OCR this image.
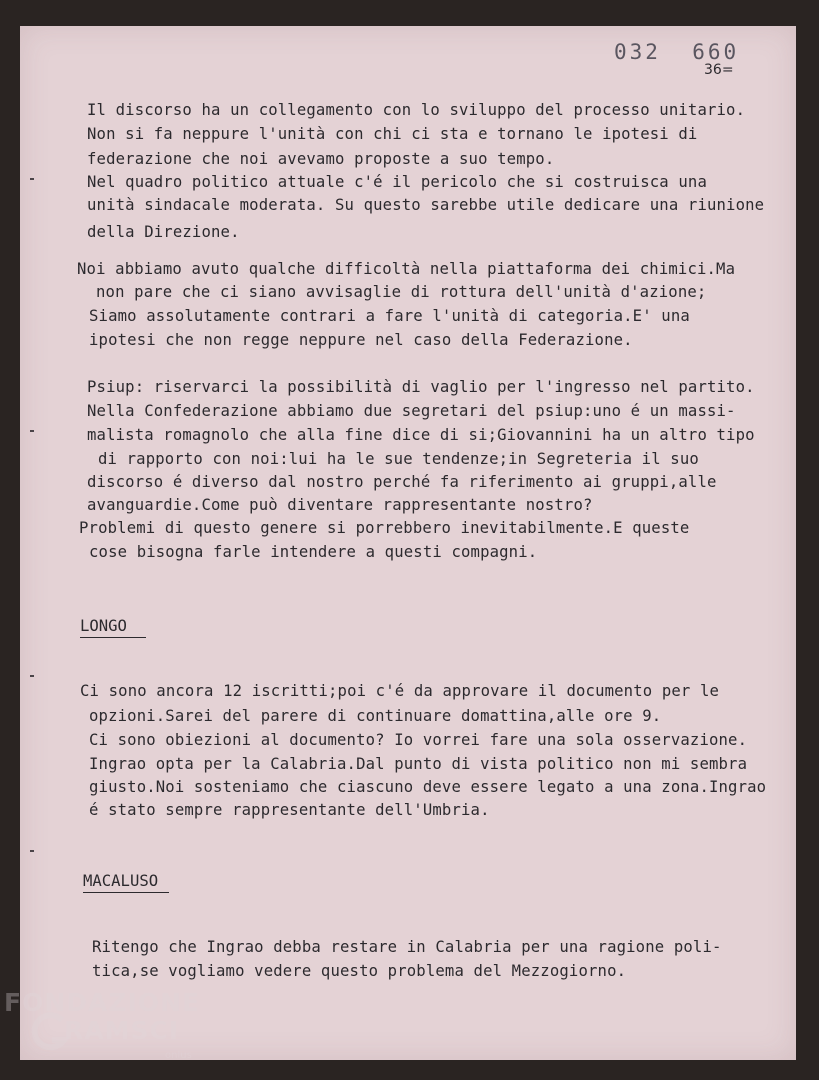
032  660
36=
Il discorso ha un collegamento con lo sviluppo del processo unitario.
Non si fa neppure l'unità con chi ci sta e tornano le ipotesi di
federazione che noi avevamo proposte a suo tempo.
Nel quadro politico attuale c'é il pericolo che si costruisca una
unità sindacale moderata. Su questo sarebbe utile dedicare una riunione
della Direzione.
Noi abbiamo avuto qualche difficoltà nella piattaforma dei chimici.Ma
non pare che ci siano avvisaglie di rottura dell'unità d'azione;
Siamo assolutamente contrari a fare l'unità di categoria.E' una
ipotesi che non regge neppure nel caso della Federazione.
Psiup: riservarci la possibilità di vaglio per l'ingresso nel partito.
Nella Confederazione abbiamo due segretari del psiup:uno é un massi-
malista romagnolo che alla fine dice di si;Giovannini ha un altro tipo
di rapporto con noi:lui ha le sue tendenze;in Segreteria il suo
discorso é diverso dal nostro perché fa riferimento ai gruppi,alle
avanguardie.Come può diventare rappresentante nostro?
Problemi di questo genere si porrebbero inevitabilmente.E queste
cose bisogna farle intendere a questi compagni.
LONGO
Ci sono ancora 12 iscritti;poi c'é da approvare il documento per le
opzioni.Sarei del parere di continuare domattina,alle ore 9.
Ci sono obiezioni al documento? Io vorrei fare una sola osservazione.
Ingrao opta per la Calabria.Dal punto di vista politico non mi sembra
giusto.Noi sosteniamo che ciascuno deve essere legato a una zona.Ingrao
é stato sempre rappresentante dell'Umbria.
MACALUSO
Ritengo che Ingrao debba restare in Calabria per una ragione poli-
tica,se vogliamo vedere questo problema del Mezzogiorno.
FONDAZIONE
RAMSCI
onlus
